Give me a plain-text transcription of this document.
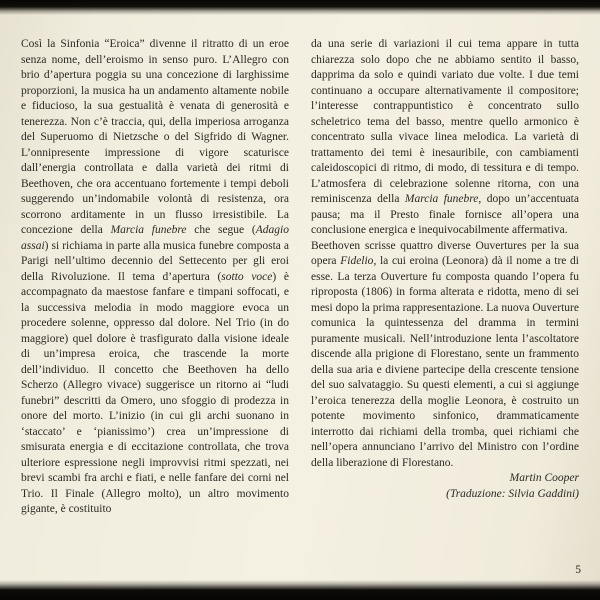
Così la Sinfonia “Eroica” divenne il ritratto di un eroe senza nome, dell’eroismo in senso puro. L’Allegro con brio d’apertura poggia su una concezione di larghissime proporzioni, la musica ha un andamento altamente nobile e fiducioso, la sua gestualità è venata di generosità e tenerezza. Non c’è traccia, qui, della imperiosa arroganza del Superuomo di Nietzsche o del Sigfrido di Wagner. L’onnipresente impressione di vigore scaturisce dall’energia controllata e dalla varietà dei ritmi di Beethoven, che ora accentuano fortemente i tempi deboli suggerendo un’indomabile volontà di resistenza, ora scorrono arditamente in un flusso irresistibile. La concezione della Marcia funebre che segue (Adagio assai) si richiama in parte alla musica funebre composta a Parigi nell’ultimo decennio del Settecento per gli eroi della Rivoluzione. Il tema d’apertura (sotto voce) è accompagnato da maestose fanfare e timpani soffocati, e la successiva melodia in modo maggiore evoca un procedere solenne, oppresso dal dolore. Nel Trio (in do maggiore) quel dolore è trasfigurato dalla visione ideale di un’impresa eroica, che trascende la morte dell’individuo. Il concetto che Beethoven ha dello Scherzo (Allegro vivace) suggerisce un ritorno ai “ludi funebri” descritti da Omero, uno sfoggio di prodezza in onore del morto. L’inizio (in cui gli archi suonano in ‘staccato’ e ‘pianissimo’) crea un’impressione di smisurata energia e di eccitazione controllata, che trova ulteriore espressione negli improvvisi ritmi spezzati, nei brevi scambi fra archi e fiati, e nelle fanfare dei corni nel Trio. Il Finale (Allegro molto), un altro movimento gigante, è costituito

da una serie di variazioni il cui tema appare in tutta chiarezza solo dopo che ne abbiamo sentito il basso, dapprima da solo e quindi variato due volte. I due temi continuano a occupare alternativamente il compositore; l’interesse contrappuntistico è concentrato sullo scheletrico tema del basso, mentre quello armonico è concentrato sulla vivace linea melodica. La varietà di trattamento dei temi è inesauribile, con cambiamenti caleidoscopici di ritmo, di modo, di tessitura e di tempo. L’atmosfera di celebrazione solenne ritorna, con una reminiscenza della Marcia funebre, dopo un’accentuata pausa; ma il Presto finale fornisce all’opera una conclusione energica e inequivocabilmente affermativa.

Beethoven scrisse quattro diverse Ouvertures per la sua opera Fidelio, la cui eroina (Leonora) dà il nome a tre di esse. La terza Ouverture fu composta quando l’opera fu riproposta (1806) in forma alterata e ridotta, meno di sei mesi dopo la prima rappresentazione. La nuova Ouverture comunica la quintessenza del dramma in termini puramente musicali. Nell’introduzione lenta l’ascoltatore discende alla prigione di Florestano, sente un frammento della sua aria e diviene partecipe della crescente tensione del suo salvataggio. Su questi elementi, a cui si aggiunge l’eroica tenerezza della moglie Leonora, è costruito un potente movimento sinfonico, drammaticamente interrotto dai richiami della tromba, quei richiami che nell’opera annunciano l’arrivo del Ministro con l’ordine della liberazione di Florestano.

Martin Cooper

(Traduzione: Silvia Gaddini)

5
